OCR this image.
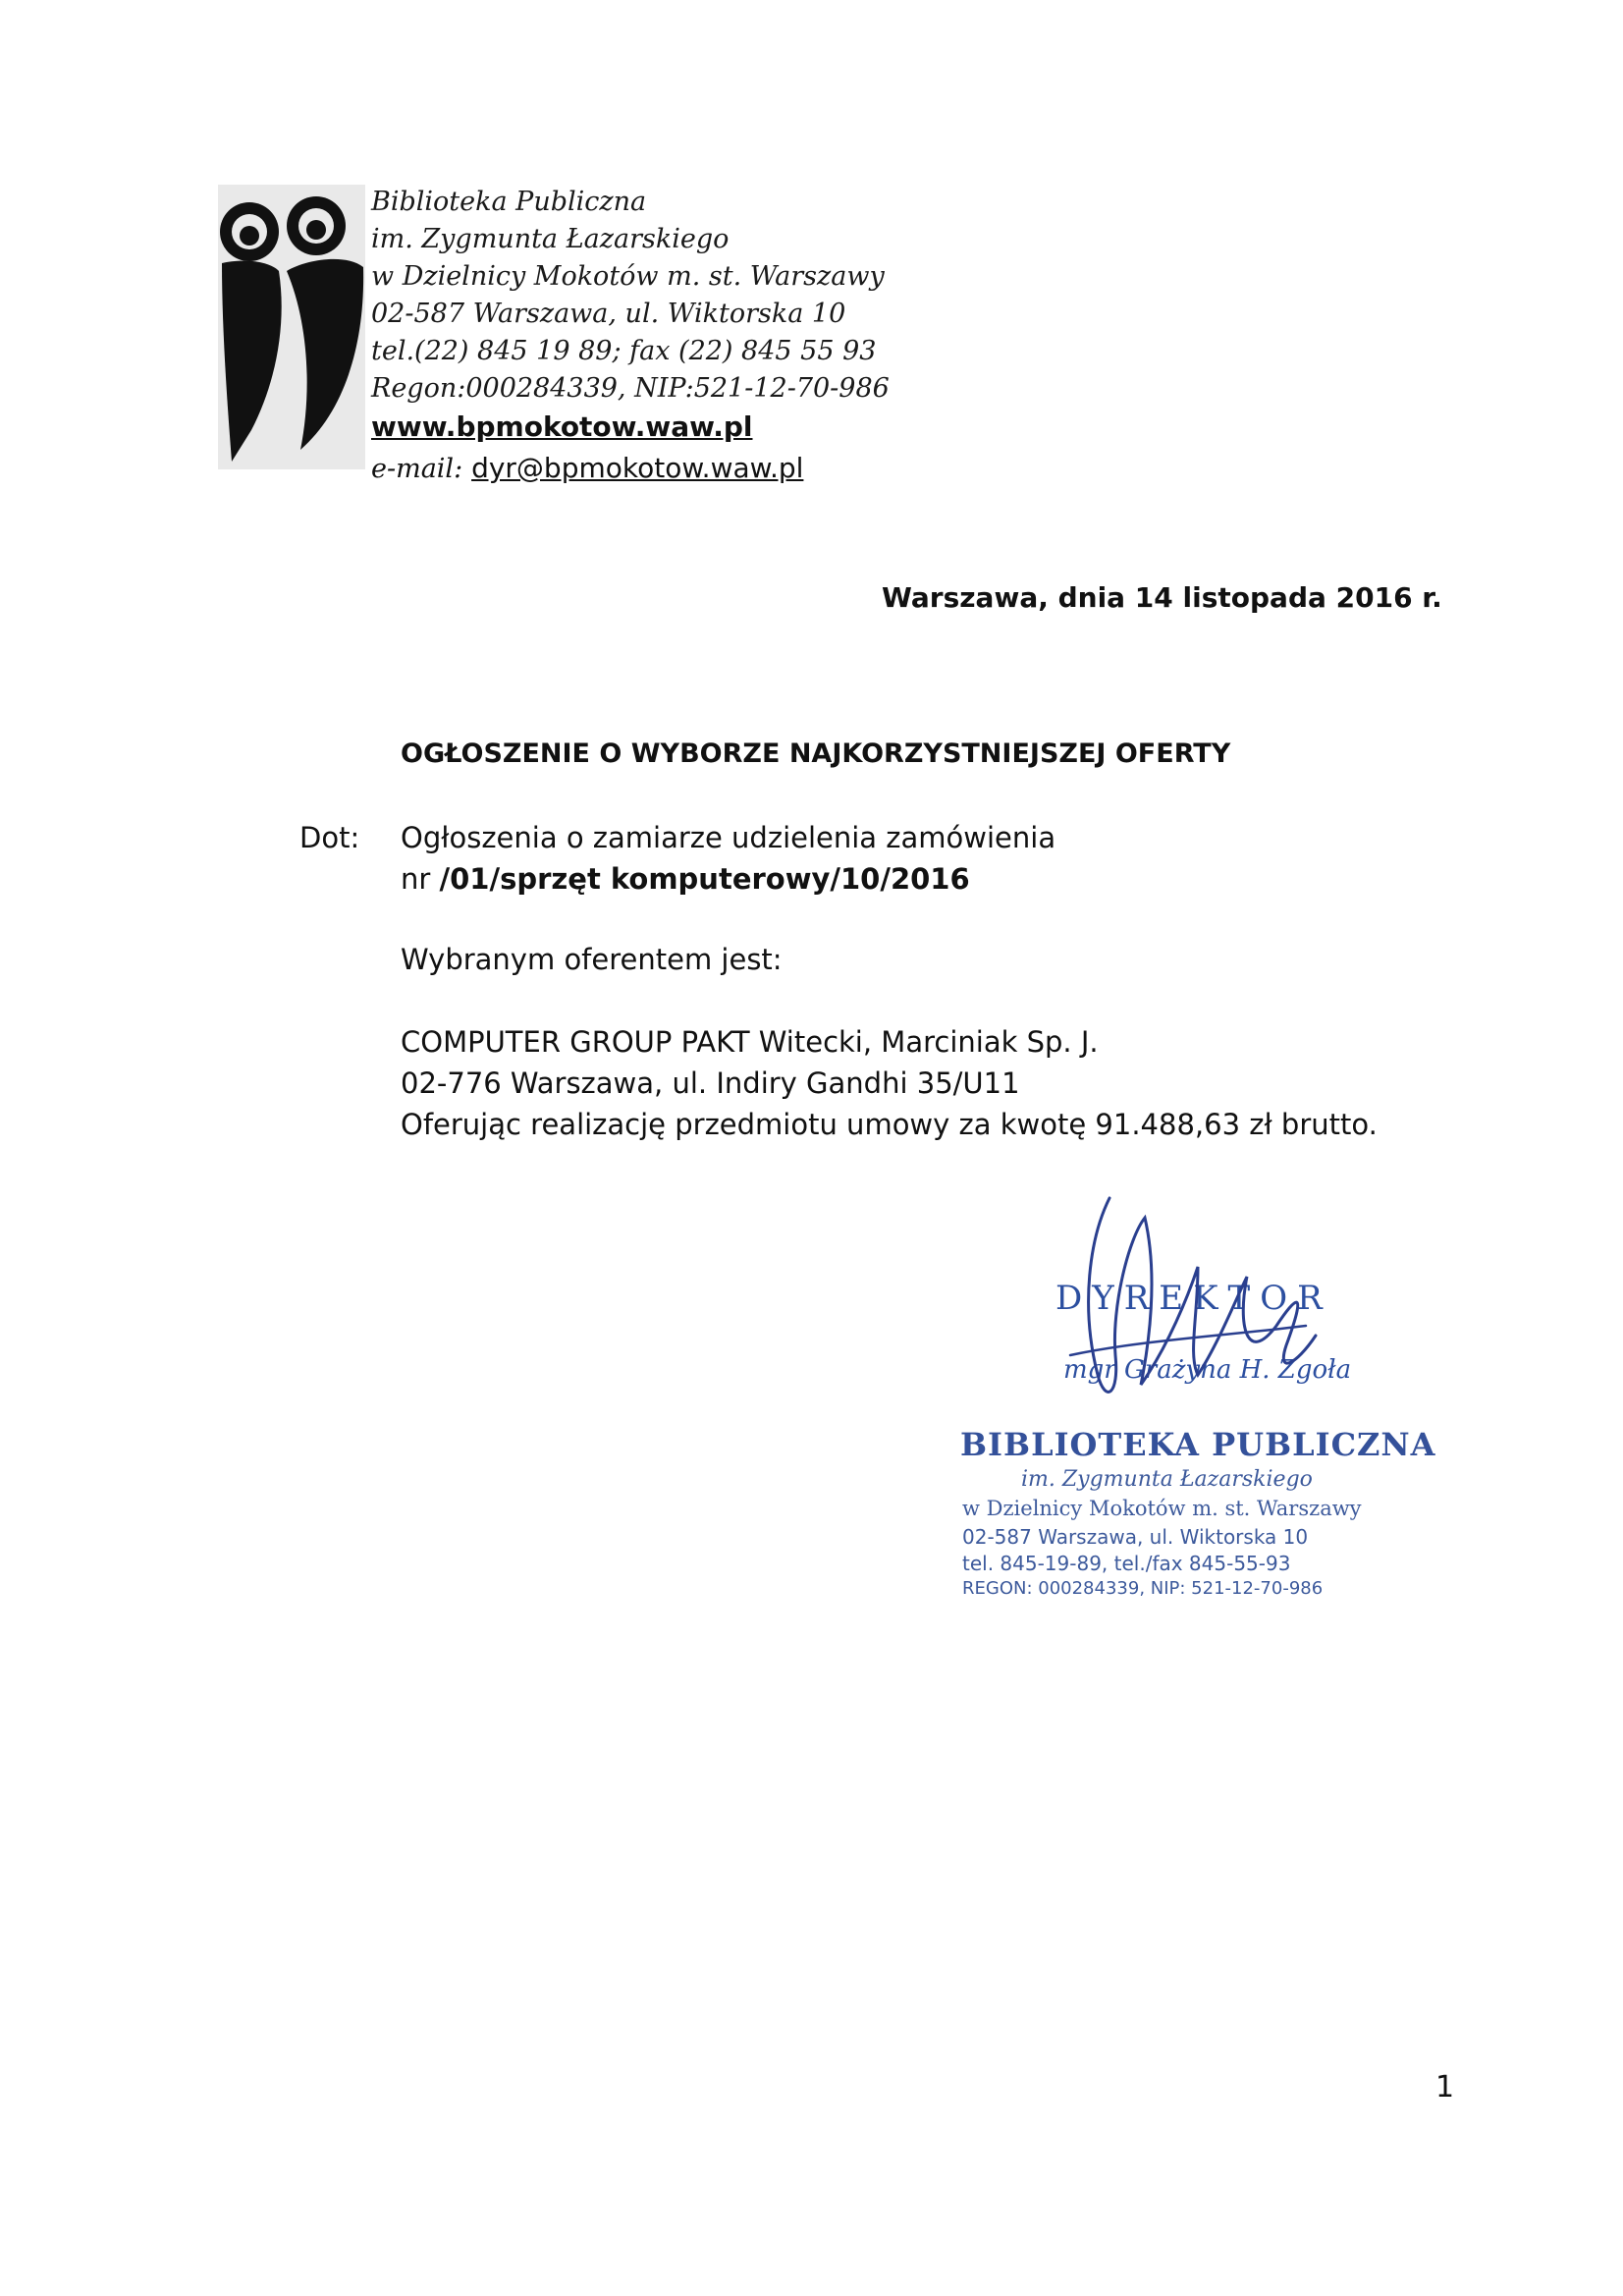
Biblioteka Publiczna
im. Zygmunta Łazarskiego
w Dzielnicy Mokotów m. st. Warszawy
02-587 Warszawa, ul. Wiktorska 10
tel.(22) 845 19 89; fax (22) 845 55 93
Regon:000284339, NIP:521-12-70-986
www.bpmokotow.waw.pl
e-mail: dyr@bpmokotow.waw.pl
Warszawa, dnia 14 listopada 2016 r.
OGŁOSZENIE O WYBORZE NAJKORZYSTNIEJSZEJ OFERTY
Dot: Ogłoszenia o zamiarze udzielenia zamówienia
nr /01/sprzęt komputerowy/10/2016
Wybranym oferentem jest:
COMPUTER GROUP PAKT Witecki, Marciniak Sp. J.
02-776 Warszawa, ul. Indiry Gandhi 35/U11
Oferując realizację przedmiotu umowy za kwotę 91.488,63 zł brutto.
DYREKTOR
mgr Grażyna H. Zgoła
BIBLIOTEKA PUBLICZNA
im. Zygmunta Łazarskiego
w Dzielnicy Mokotów m. st. Warszawy
02-587 Warszawa, ul. Wiktorska 10
tel. 845-19-89, tel./fax 845-55-93
REGON: 000284339, NIP: 521-12-70-986
1
